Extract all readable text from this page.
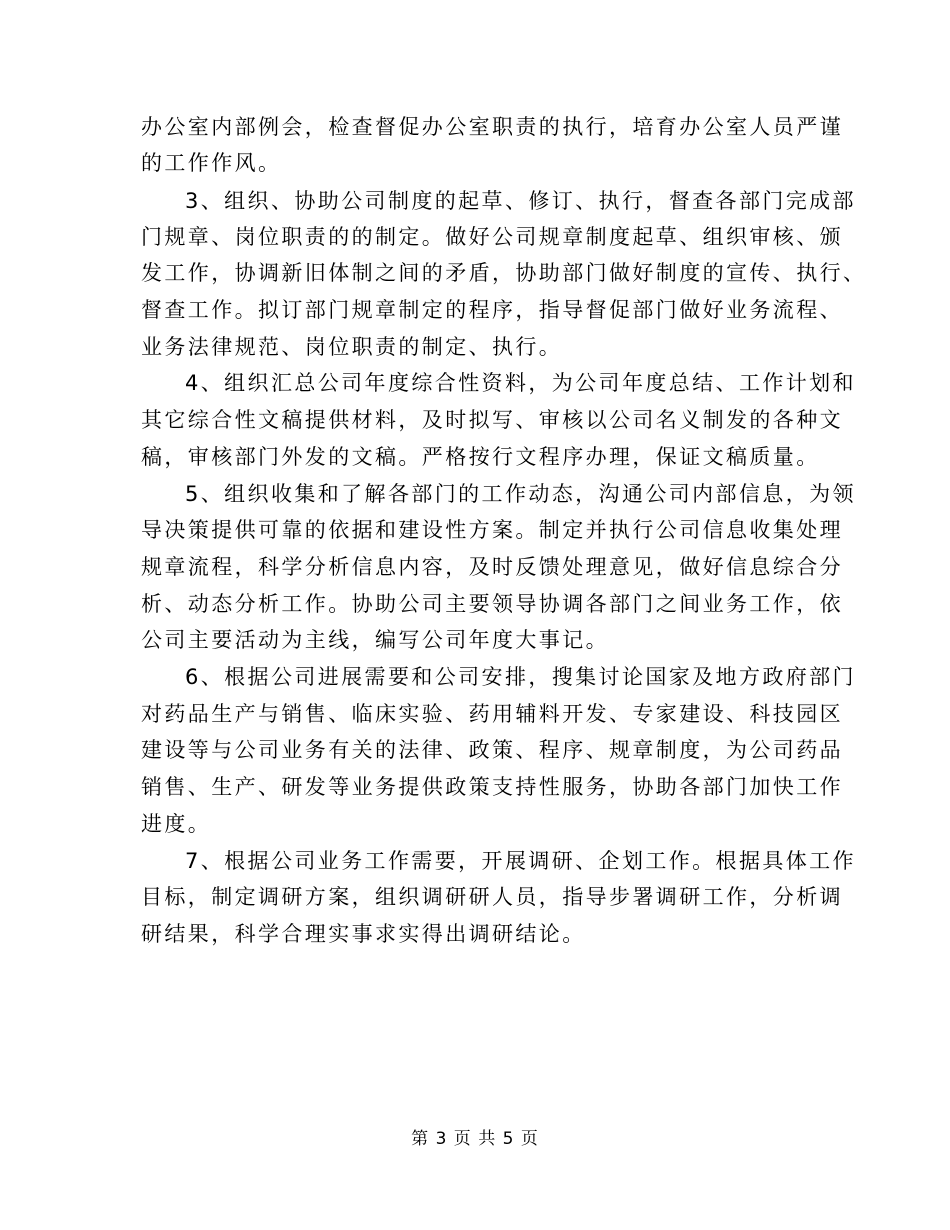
办公室内部例会，检查督促办公室职责的执行，培育办公室人员严谨
的工作作风。
3、组织、协助公司制度的起草、修订、执行，督查各部门完成部
门规章、岗位职责的的制定。做好公司规章制度起草、组织审核、颁
发工作，协调新旧体制之间的矛盾，协助部门做好制度的宣传、执行、
督查工作。拟订部门规章制定的程序，指导督促部门做好业务流程、
业务法律规范、岗位职责的制定、执行。
4、组织汇总公司年度综合性资料，为公司年度总结、工作计划和
其它综合性文稿提供材料，及时拟写、审核以公司名义制发的各种文
稿，审核部门外发的文稿。严格按行文程序办理，保证文稿质量。
5、组织收集和了解各部门的工作动态，沟通公司内部信息，为领
导决策提供可靠的依据和建设性方案。制定并执行公司信息收集处理
规章流程，科学分析信息内容，及时反馈处理意见，做好信息综合分
析、动态分析工作。协助公司主要领导协调各部门之间业务工作，依
公司主要活动为主线，编写公司年度大事记。
6、根据公司进展需要和公司安排，搜集讨论国家及地方政府部门
对药品生产与销售、临床实验、药用辅料开发、专家建设、科技园区
建设等与公司业务有关的法律、政策、程序、规章制度，为公司药品
销售、生产、研发等业务提供政策支持性服务，协助各部门加快工作
进度。
7、根据公司业务工作需要，开展调研、企划工作。根据具体工作
目标，制定调研方案，组织调研研人员，指导步署调研工作，分析调
研结果，科学合理实事求实得出调研结论。
第 3 页 共 5 页
